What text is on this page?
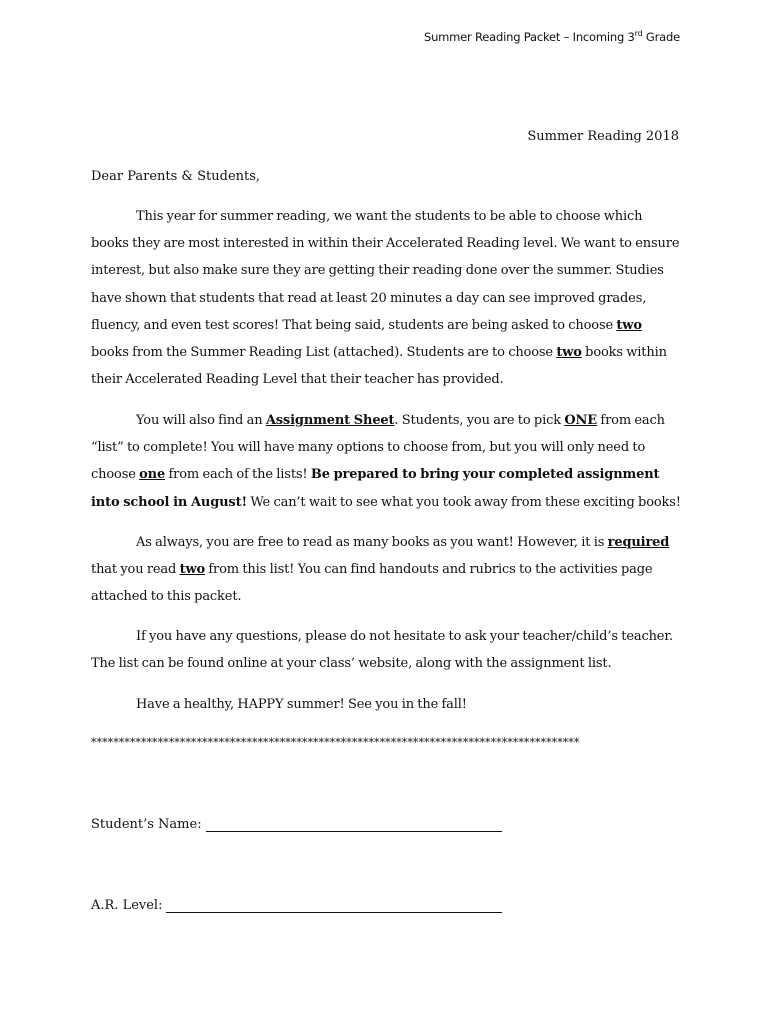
Summer Reading Packet – Incoming 3rd Grade
Summer Reading 2018
Dear Parents & Students,

This year for summer reading, we want the students to be able to choose which books they are most interested in within their Accelerated Reading level. We want to ensure interest, but also make sure they are getting their reading done over the summer. Studies have shown that students that read at least 20 minutes a day can see improved grades, fluency, and even test scores! That being said, students are being asked to choose two books from the Summer Reading List (attached). Students are to choose two books within their Accelerated Reading Level that their teacher has provided.

You will also find an Assignment Sheet. Students, you are to pick ONE from each “list” to complete! You will have many options to choose from, but you will only need to choose one from each of the lists! Be prepared to bring your completed assignment into school in August! We can’t wait to see what you took away from these exciting books!

As always, you are free to read as many books as you want! However, it is required that you read two from this list! You can find handouts and rubrics to the activities page attached to this packet.

If you have any questions, please do not hesitate to ask your teacher/child’s teacher. The list can be found online at your class’ website, along with the assignment list.

Have a healthy, HAPPY summer! See you in the fall!

****************************************************************************************
Student’s Name:
A.R. Level:
